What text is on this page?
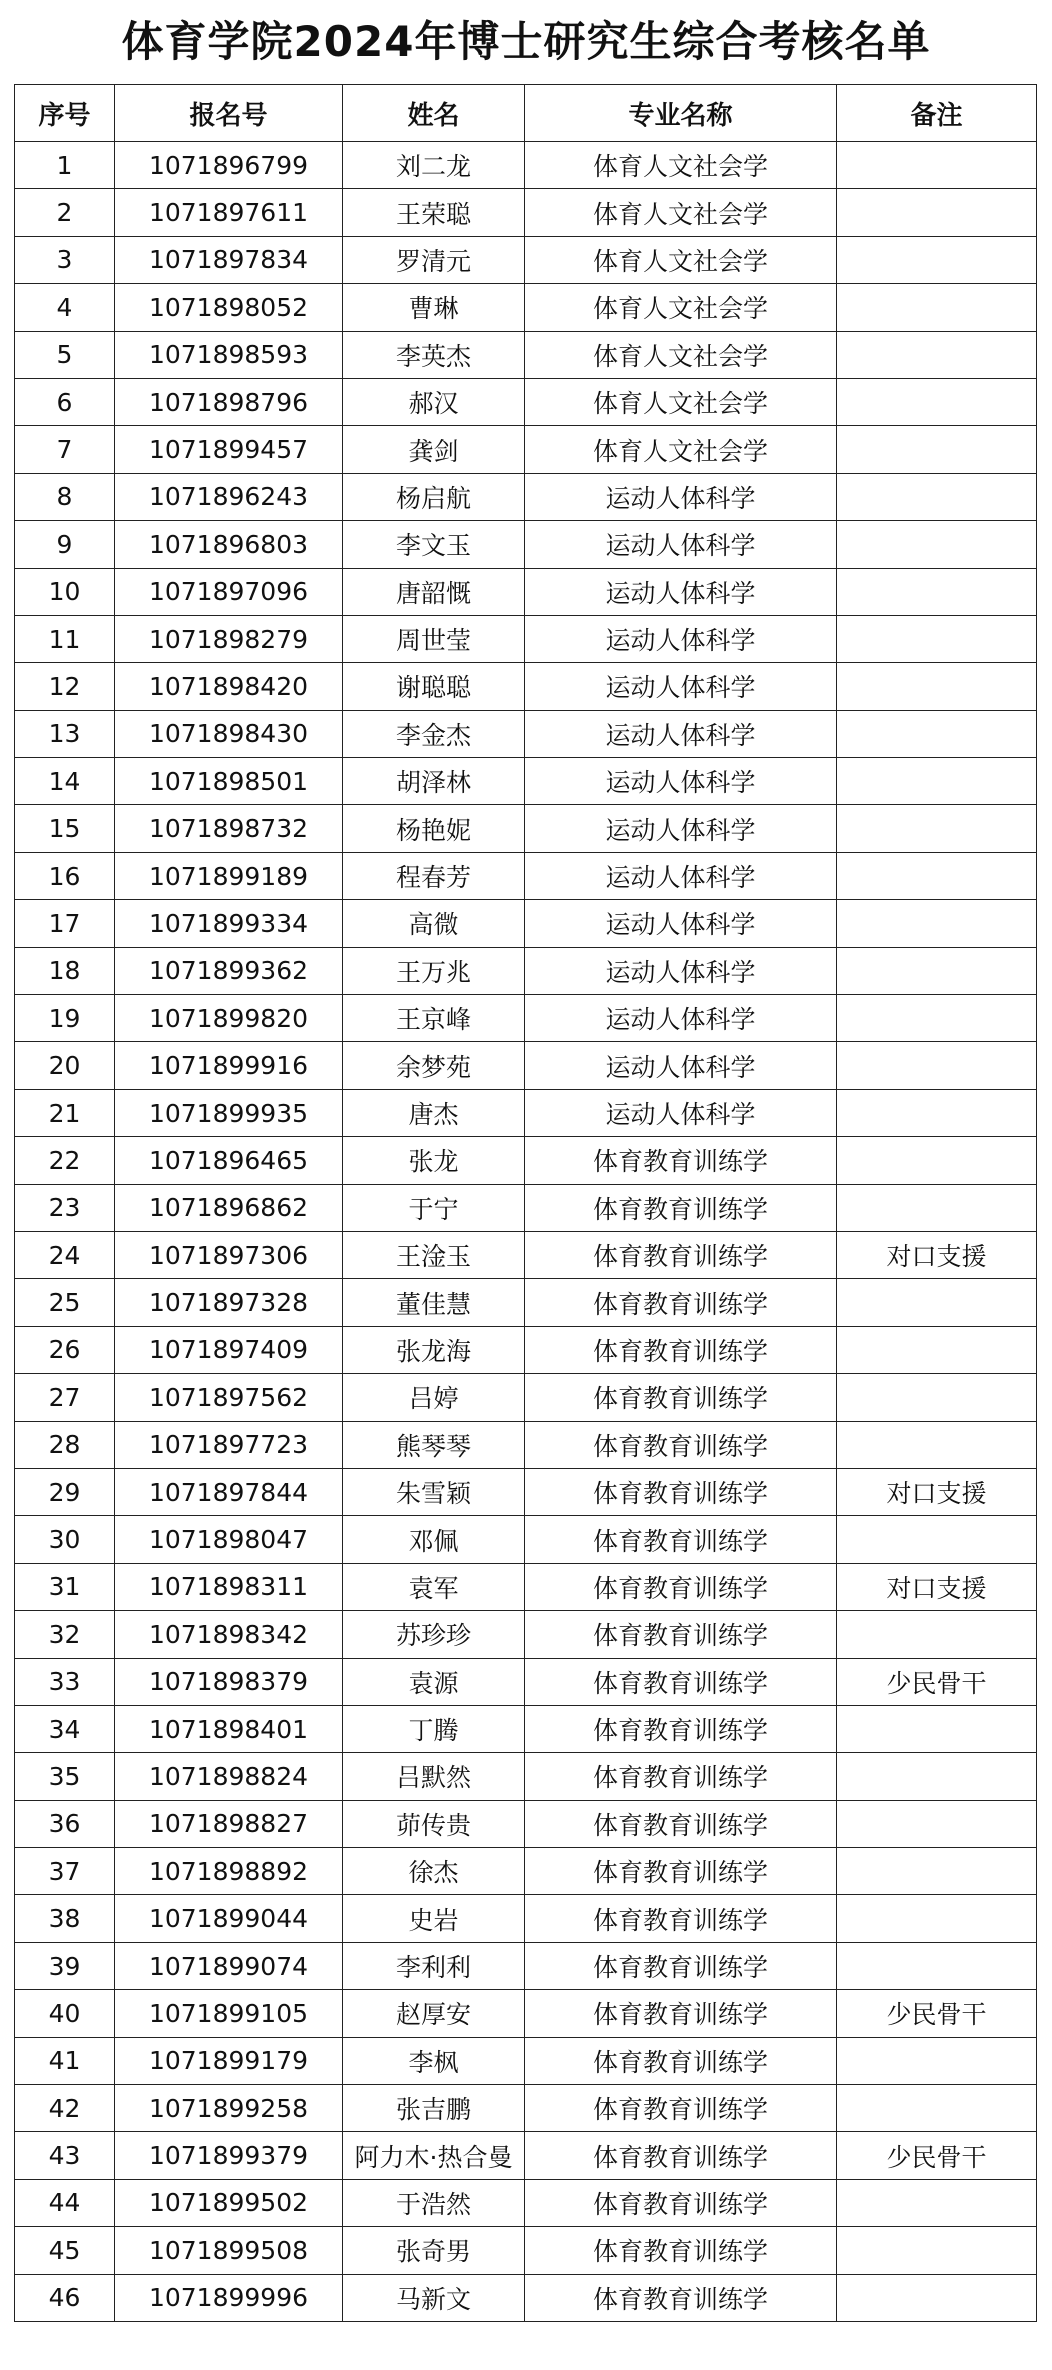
体育学院2024年博士研究生综合考核名单
序号	报名号	姓名	专业名称	备注
1	1071896799	刘二龙	体育人文社会学	
2	1071897611	王荣聪	体育人文社会学	
3	1071897834	罗清元	体育人文社会学	
4	1071898052	曹琳	体育人文社会学	
5	1071898593	李英杰	体育人文社会学	
6	1071898796	郝汉	体育人文社会学	
7	1071899457	龚剑	体育人文社会学	
8	1071896243	杨启航	运动人体科学	
9	1071896803	李文玉	运动人体科学	
10	1071897096	唐韶慨	运动人体科学	
11	1071898279	周世莹	运动人体科学	
12	1071898420	谢聪聪	运动人体科学	
13	1071898430	李金杰	运动人体科学	
14	1071898501	胡泽林	运动人体科学	
15	1071898732	杨艳妮	运动人体科学	
16	1071899189	程春芳	运动人体科学	
17	1071899334	高微	运动人体科学	
18	1071899362	王万兆	运动人体科学	
19	1071899820	王京峰	运动人体科学	
20	1071899916	余梦苑	运动人体科学	
21	1071899935	唐杰	运动人体科学	
22	1071896465	张龙	体育教育训练学	
23	1071896862	于宁	体育教育训练学	
24	1071897306	王淦玉	体育教育训练学	对口支援
25	1071897328	董佳慧	体育教育训练学	
26	1071897409	张龙海	体育教育训练学	
27	1071897562	吕婷	体育教育训练学	
28	1071897723	熊琴琴	体育教育训练学	
29	1071897844	朱雪颖	体育教育训练学	对口支援
30	1071898047	邓佩	体育教育训练学	
31	1071898311	袁军	体育教育训练学	对口支援
32	1071898342	苏珍珍	体育教育训练学	
33	1071898379	袁源	体育教育训练学	少民骨干
34	1071898401	丁腾	体育教育训练学	
35	1071898824	吕默然	体育教育训练学	
36	1071898827	茆传贵	体育教育训练学	
37	1071898892	徐杰	体育教育训练学	
38	1071899044	史岩	体育教育训练学	
39	1071899074	李利利	体育教育训练学	
40	1071899105	赵厚安	体育教育训练学	少民骨干
41	1071899179	李枫	体育教育训练学	
42	1071899258	张吉鹏	体育教育训练学	
43	1071899379	阿力木·热合曼	体育教育训练学	少民骨干
44	1071899502	于浩然	体育教育训练学	
45	1071899508	张奇男	体育教育训练学	
46	1071899996	马新文	体育教育训练学	
